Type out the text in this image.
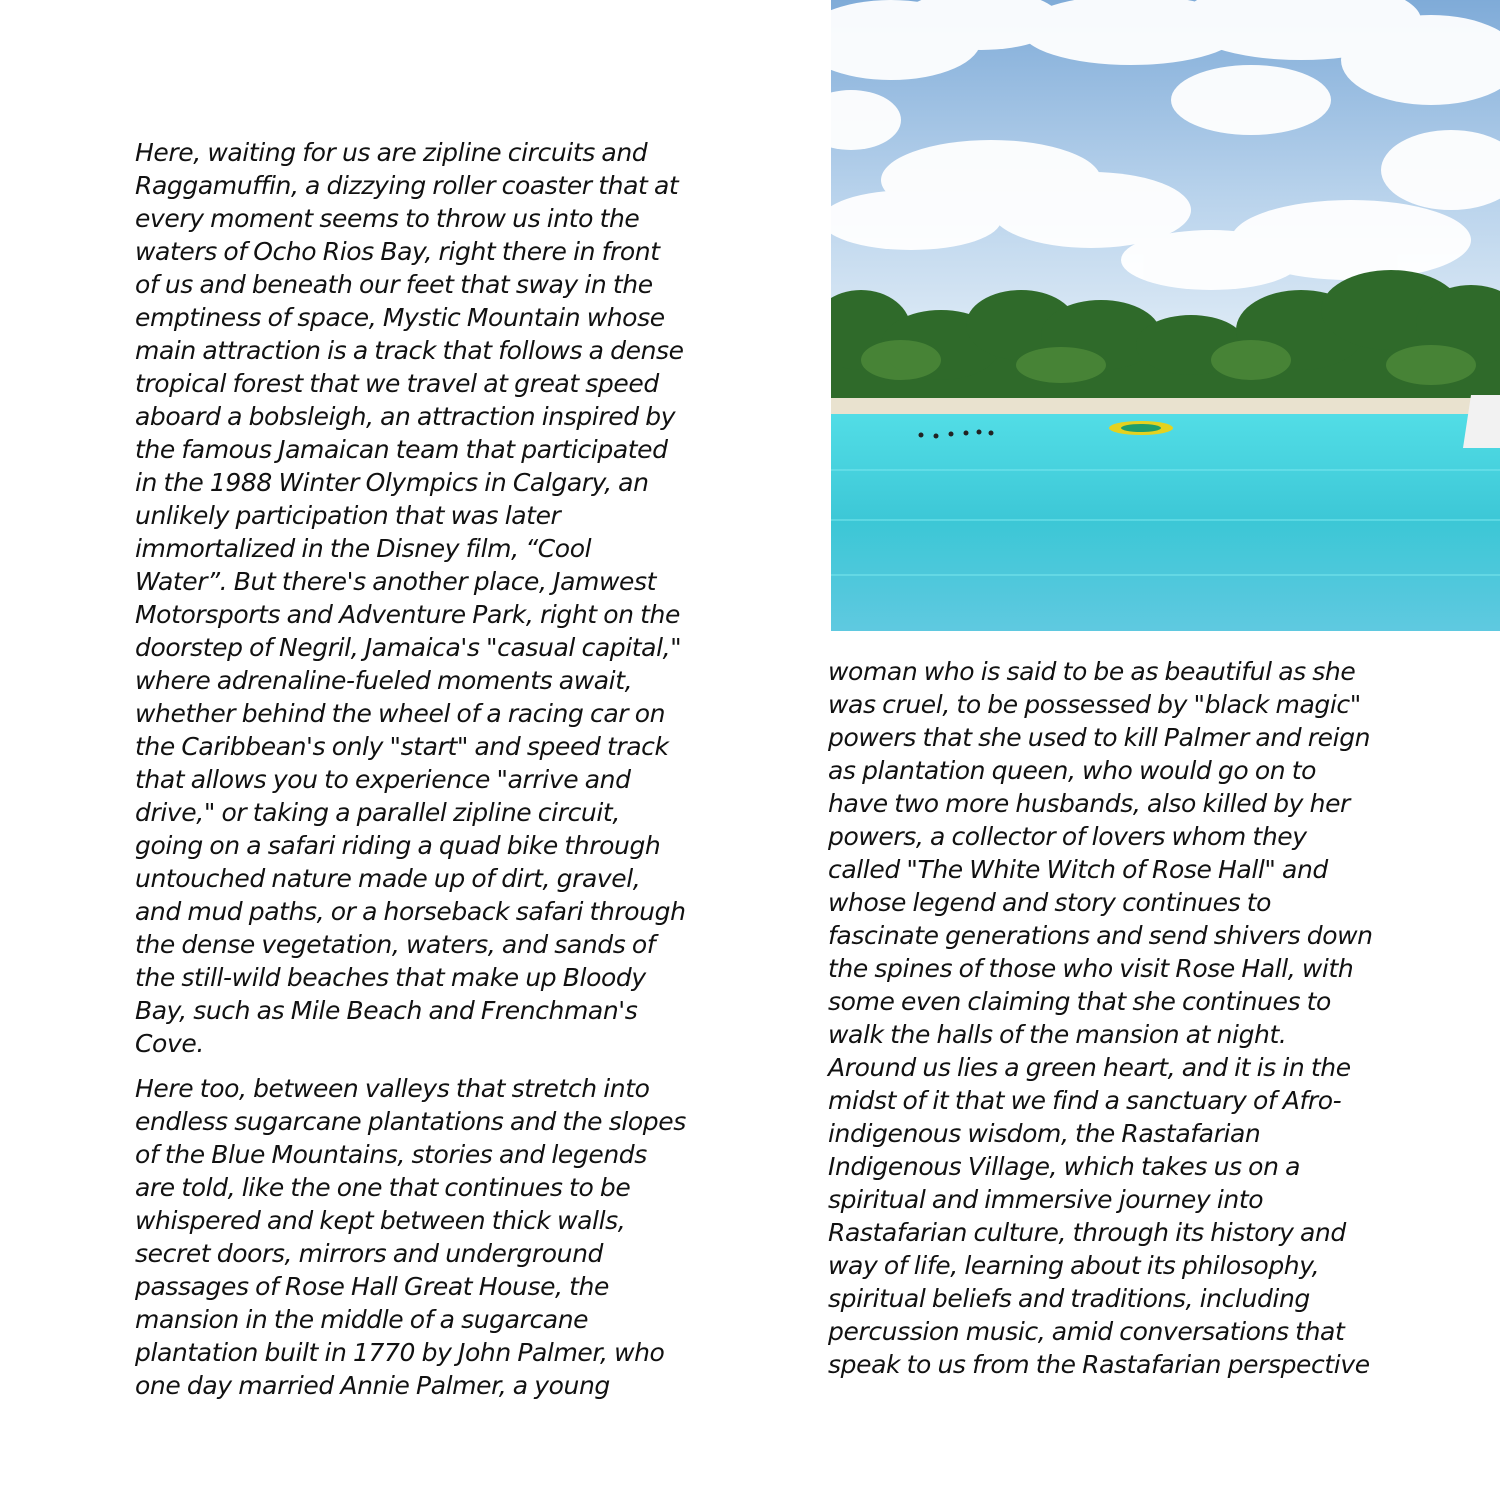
Here, waiting for us are zipline circuits and Raggamuffin, a dizzying roller coaster that at every moment seems to throw us into the waters of Ocho Rios Bay, right there in front of us and beneath our feet that sway in the emptiness of space, Mystic Mountain whose main attraction is a track that follows a dense tropical forest that we travel at great speed aboard a bobsleigh, an attraction inspired by the famous Jamaican team that participated in the 1988 Winter Olympics in Calgary, an unlikely participation that was later immortalized in the Disney film, “Cool Water”. But there's another place, Jamwest Motorsports and Adventure Park, right on the doorstep of Negril, Jamaica's "casual capital," where adrenaline-fueled moments await, whether behind the wheel of a racing car on the Caribbean's only "start" and speed track that allows you to experience "arrive and drive," or taking a parallel zipline circuit, going on a safari riding a quad bike through untouched nature made up of dirt, gravel, and mud paths, or a horseback safari through the dense vegetation, waters, and sands of the still-wild beaches that make up Bloody Bay, such as Mile Beach and Frenchman's Cove.

Here too, between valleys that stretch into endless sugarcane plantations and the slopes of the Blue Mountains, stories and legends are told, like the one that continues to be whispered and kept between thick walls, secret doors, mirrors and underground passages of Rose Hall Great House, the mansion in the middle of a sugarcane plantation built in 1770 by John Palmer, who one day married Annie Palmer, a young

woman who is said to be as beautiful as she was cruel, to be possessed by "black magic" powers that she used to kill Palmer and reign as plantation queen, who would go on to have two more husbands, also killed by her powers, a collector of lovers whom they called "The White Witch of Rose Hall" and whose legend and story continues to fascinate generations and send shivers down the spines of those who visit Rose Hall, with some even claiming that she continues to walk the halls of the mansion at night.

Around us lies a green heart, and it is in the midst of it that we find a sanctuary of Afro-indigenous wisdom, the Rastafarian Indigenous Village, which takes us on a spiritual and immersive journey into Rastafarian culture, through its history and way of life, learning about its philosophy, spiritual beliefs and traditions, including percussion music, amid conversations that speak to us from the Rastafarian perspective
